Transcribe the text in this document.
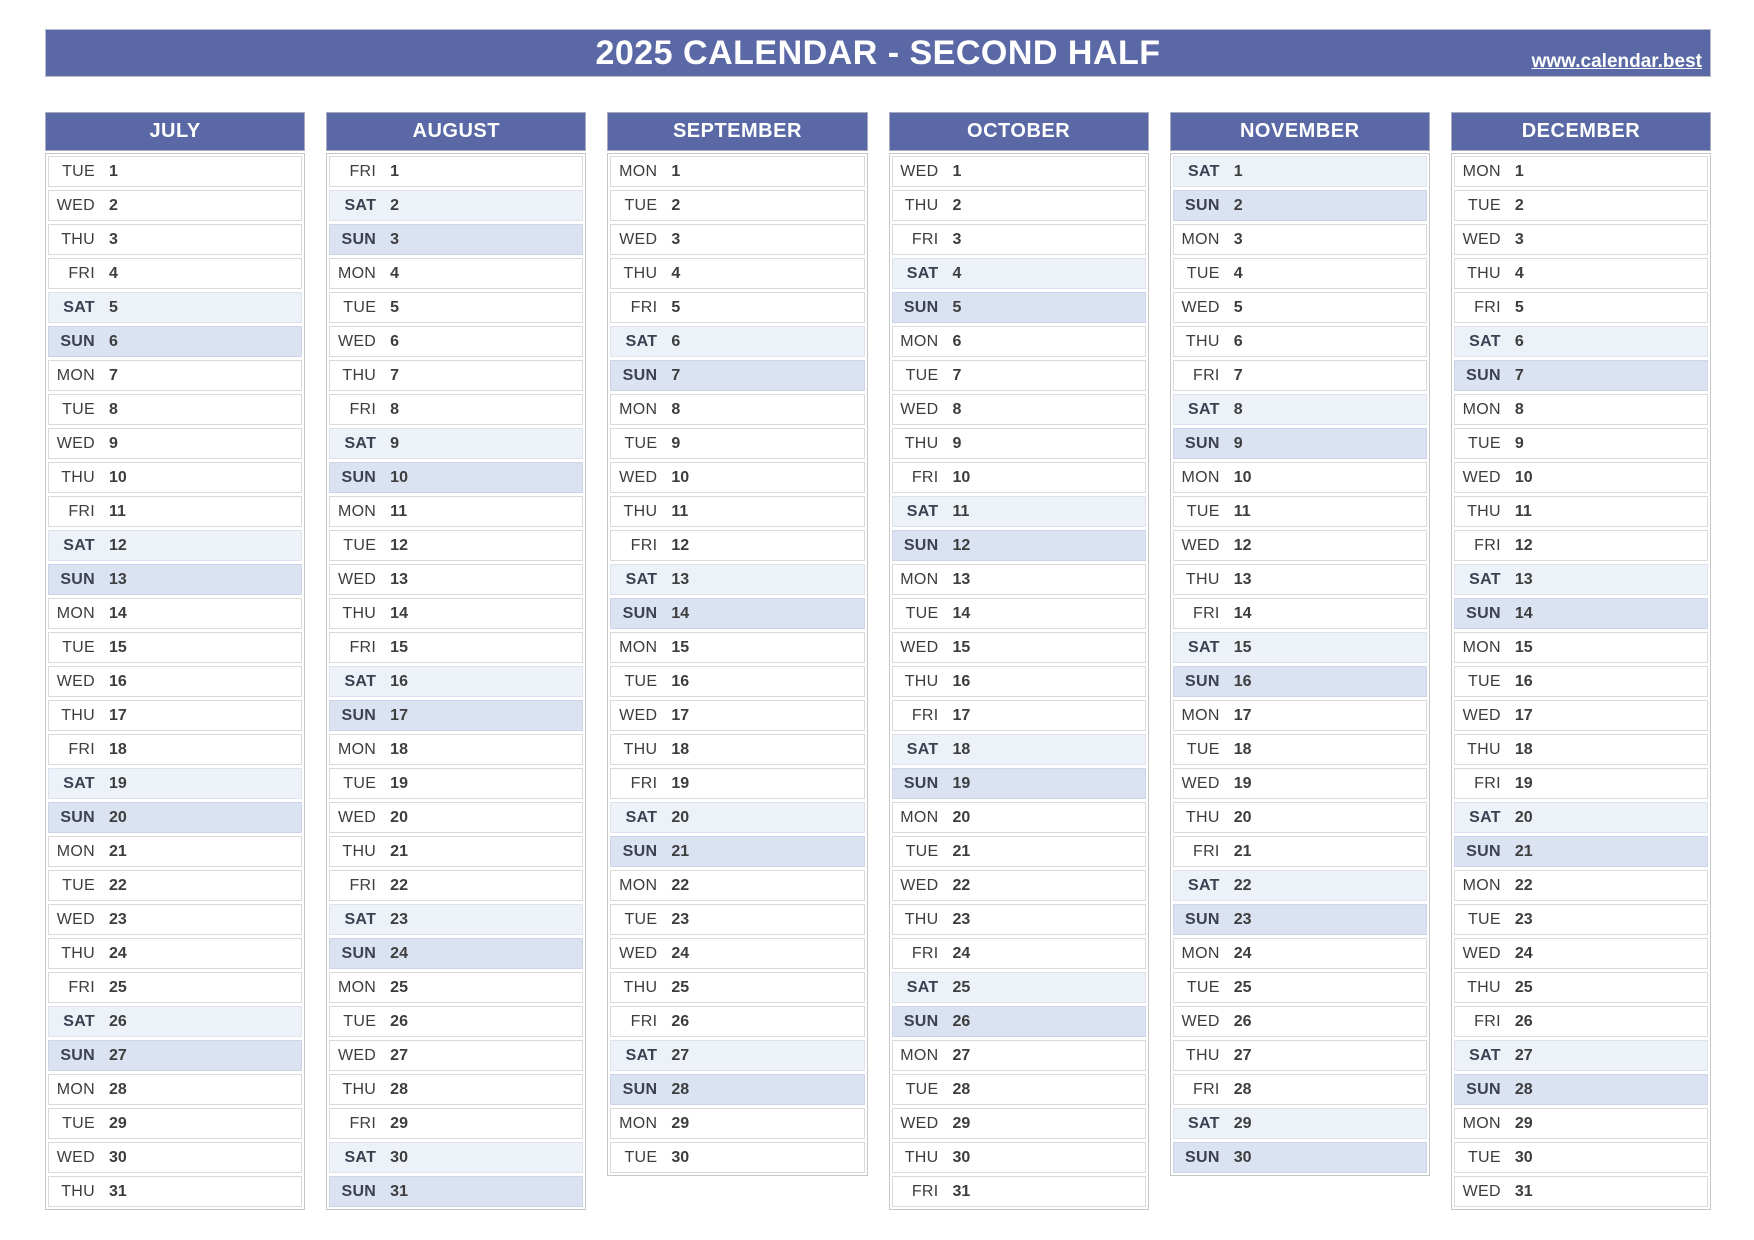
2025 CALENDAR - SECOND HALF	www.calendar.best
JULY
TUE 1
WED 2
THU 3
FRI 4
SAT 5
SUN 6
MON 7
TUE 8
WED 9
THU 10
FRI 11
SAT 12
SUN 13
MON 14
TUE 15
WED 16
THU 17
FRI 18
SAT 19
SUN 20
MON 21
TUE 22
WED 23
THU 24
FRI 25
SAT 26
SUN 27
MON 28
TUE 29
WED 30
THU 31
AUGUST
FRI 1
SAT 2
SUN 3
MON 4
TUE 5
WED 6
THU 7
FRI 8
SAT 9
SUN 10
MON 11
TUE 12
WED 13
THU 14
FRI 15
SAT 16
SUN 17
MON 18
TUE 19
WED 20
THU 21
FRI 22
SAT 23
SUN 24
MON 25
TUE 26
WED 27
THU 28
FRI 29
SAT 30
SUN 31
SEPTEMBER
MON 1
TUE 2
WED 3
THU 4
FRI 5
SAT 6
SUN 7
MON 8
TUE 9
WED 10
THU 11
FRI 12
SAT 13
SUN 14
MON 15
TUE 16
WED 17
THU 18
FRI 19
SAT 20
SUN 21
MON 22
TUE 23
WED 24
THU 25
FRI 26
SAT 27
SUN 28
MON 29
TUE 30
OCTOBER
WED 1
THU 2
FRI 3
SAT 4
SUN 5
MON 6
TUE 7
WED 8
THU 9
FRI 10
SAT 11
SUN 12
MON 13
TUE 14
WED 15
THU 16
FRI 17
SAT 18
SUN 19
MON 20
TUE 21
WED 22
THU 23
FRI 24
SAT 25
SUN 26
MON 27
TUE 28
WED 29
THU 30
FRI 31
NOVEMBER
SAT 1
SUN 2
MON 3
TUE 4
WED 5
THU 6
FRI 7
SAT 8
SUN 9
MON 10
TUE 11
WED 12
THU 13
FRI 14
SAT 15
SUN 16
MON 17
TUE 18
WED 19
THU 20
FRI 21
SAT 22
SUN 23
MON 24
TUE 25
WED 26
THU 27
FRI 28
SAT 29
SUN 30
DECEMBER
MON 1
TUE 2
WED 3
THU 4
FRI 5
SAT 6
SUN 7
MON 8
TUE 9
WED 10
THU 11
FRI 12
SAT 13
SUN 14
MON 15
TUE 16
WED 17
THU 18
FRI 19
SAT 20
SUN 21
MON 22
TUE 23
WED 24
THU 25
FRI 26
SAT 27
SUN 28
MON 29
TUE 30
WED 31
